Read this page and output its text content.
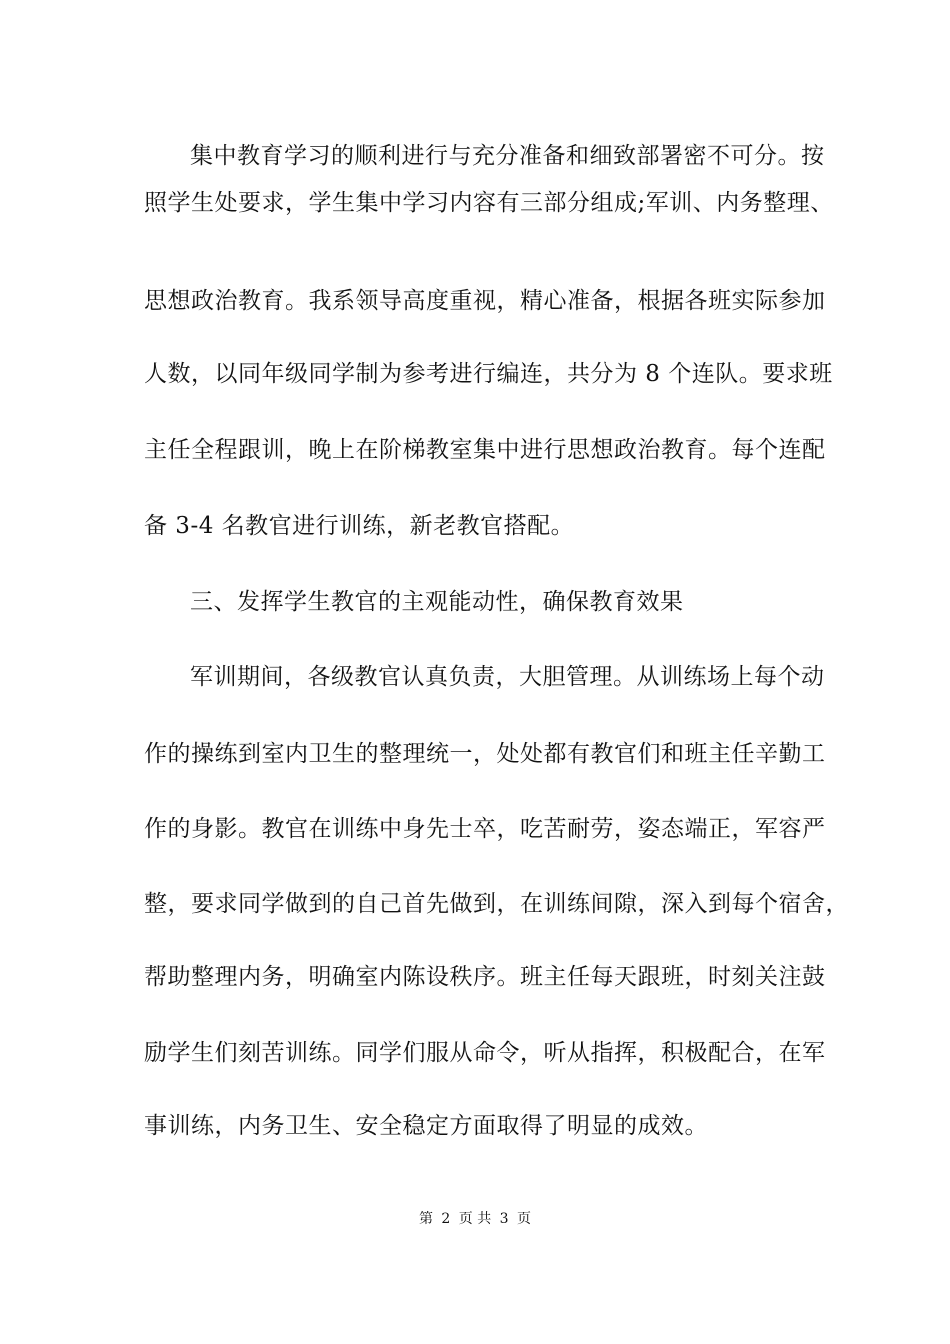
集中教育学习的顺利进行与充分准备和细致部署密不可分。按
照学生处要求，学生集中学习内容有三部分组成;军训、内务整理、
思想政治教育。我系领导高度重视，精心准备，根据各班实际参加
人数，以同年级同学制为参考进行编连，共分为 8 个连队。要求班
主任全程跟训，晚上在阶梯教室集中进行思想政治教育。每个连配
备 3-4 名教官进行训练，新老教官搭配。
三、发挥学生教官的主观能动性，确保教育效果
军训期间，各级教官认真负责，大胆管理。从训练场上每个动
作的操练到室内卫生的整理统一，处处都有教官们和班主任辛勤工
作的身影。教官在训练中身先士卒，吃苦耐劳，姿态端正，军容严
整，要求同学做到的自己首先做到，在训练间隙，深入到每个宿舍，
帮助整理内务，明确室内陈设秩序。班主任每天跟班，时刻关注鼓
励学生们刻苦训练。同学们服从命令，听从指挥，积极配合，在军
事训练，内务卫生、安全稳定方面取得了明显的成效。
第 2 页 共 3 页
